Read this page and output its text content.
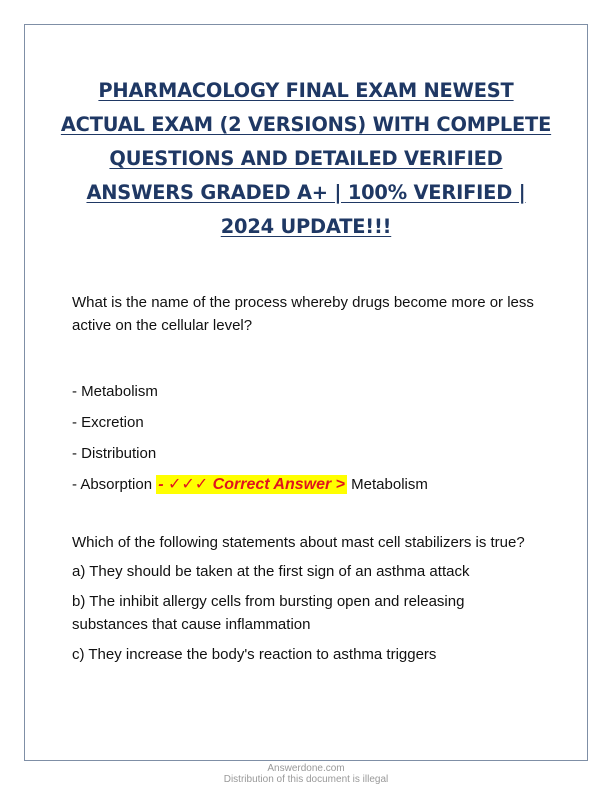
PHARMACOLOGY FINAL EXAM NEWEST ACTUAL EXAM (2 VERSIONS) WITH COMPLETE QUESTIONS AND DETAILED VERIFIED ANSWERS GRADED A+ | 100% VERIFIED | 2024 UPDATE!!!

What is the name of the process whereby drugs become more or less active on the cellular level?

- Metabolism

- Excretion

- Distribution

- Absorption - ✓✓✓ Correct Answer > Metabolism

Which of the following statements about mast cell stabilizers is true?

a) They should be taken at the first sign of an asthma attack

b) The inhibit allergy cells from bursting open and releasing substances that cause inflammation

c) They increase the body's reaction to asthma triggers

Answerdone.com
Distribution of this document is illegal
